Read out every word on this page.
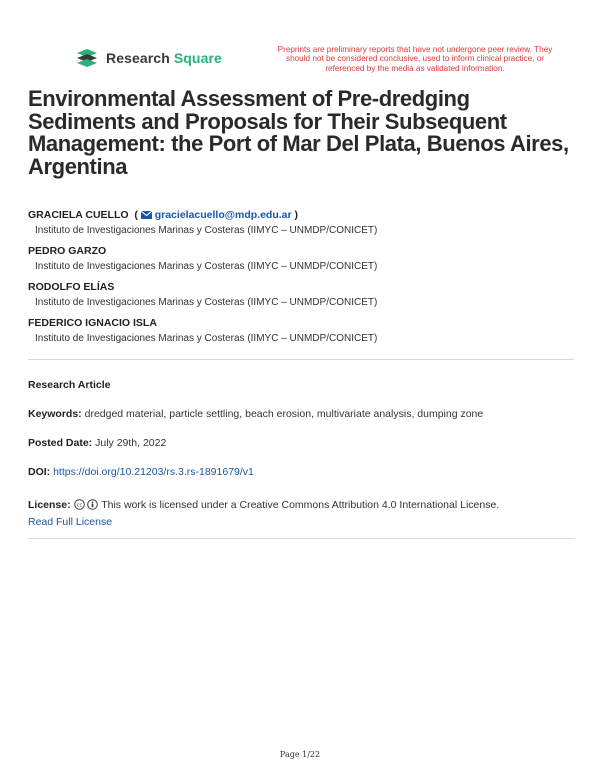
Research Square
Preprints are preliminary reports that have not undergone peer review. They should not be considered conclusive, used to inform clinical practice, or referenced by the media as validated information.
Environmental Assessment of Pre-dredging Sediments and Proposals for Their Subsequent Management: the Port of Mar Del Plata, Buenos Aires, Argentina
GRACIELA CUELLO ( gracielacuello@mdp.edu.ar )
Instituto de Investigaciones Marinas y Costeras (IIMYC – UNMDP/CONICET)
PEDRO GARZO
Instituto de Investigaciones Marinas y Costeras (IIMYC – UNMDP/CONICET)
RODOLFO ELÍAS
Instituto de Investigaciones Marinas y Costeras (IIMYC – UNMDP/CONICET)
FEDERICO IGNACIO ISLA
Instituto de Investigaciones Marinas y Costeras (IIMYC – UNMDP/CONICET)
Research Article
Keywords: dredged material, particle settling, beach erosion, multivariate analysis, dumping zone
Posted Date: July 29th, 2022
DOI: https://doi.org/10.21203/rs.3.rs-1891679/v1
License: cc This work is licensed under a Creative Commons Attribution 4.0 International License.
Read Full License
Page 1/22
